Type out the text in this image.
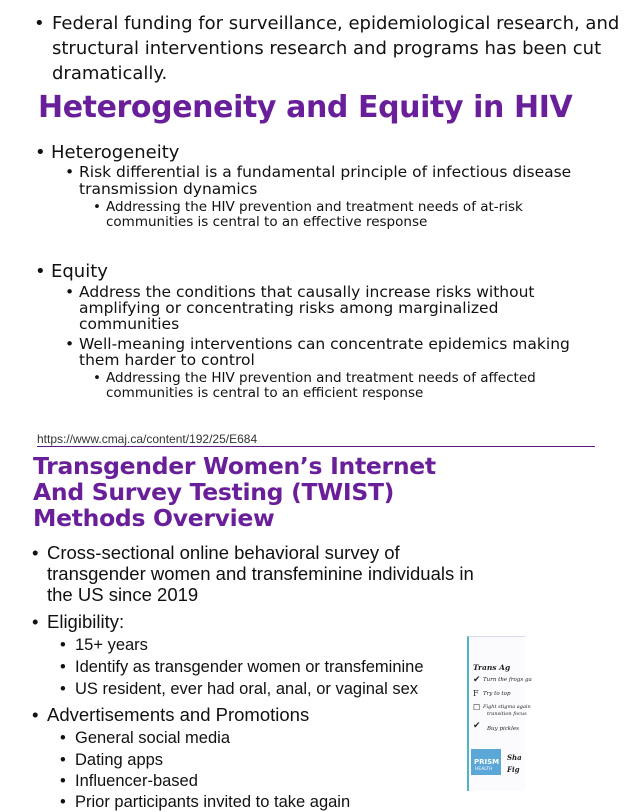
• Federal funding for surveillance, epidemiological research, and
structural interventions research and programs has been cut
dramatically.
Heterogeneity and Equity in HIV
• Heterogeneity
• Risk differential is a fundamental principle of infectious disease
transmission dynamics
• Addressing the HIV prevention and treatment needs of at-risk
communities is central to an effective response
• Equity
• Address the conditions that causally increase risks without
amplifying or concentrating risks among marginalized
communities
• Well-meaning interventions can concentrate epidemics making
them harder to control
• Addressing the HIV prevention and treatment needs of affected
communities is central to an efficient response
https://www.cmaj.ca/content/192/25/E684
Transgender Women’s Internet
And Survey Testing (TWIST)
Methods Overview
• Cross-sectional online behavioral survey of
transgender women and transfeminine individuals in
the US since 2019
• Eligibility:
• 15+ years
• Identify as transgender women or transfeminine
• US resident, ever had oral, anal, or vaginal sex
• Advertisements and Promotions
• General social media
• Dating apps
• Influencer-based
• Prior participants invited to take again
Trans Ag
✔ Turn the frogs ga
F Try to top
☐ Fight stigma again
transition focus
✔ Buy pickles
PRISM
HEALTH
Sha
Fig
